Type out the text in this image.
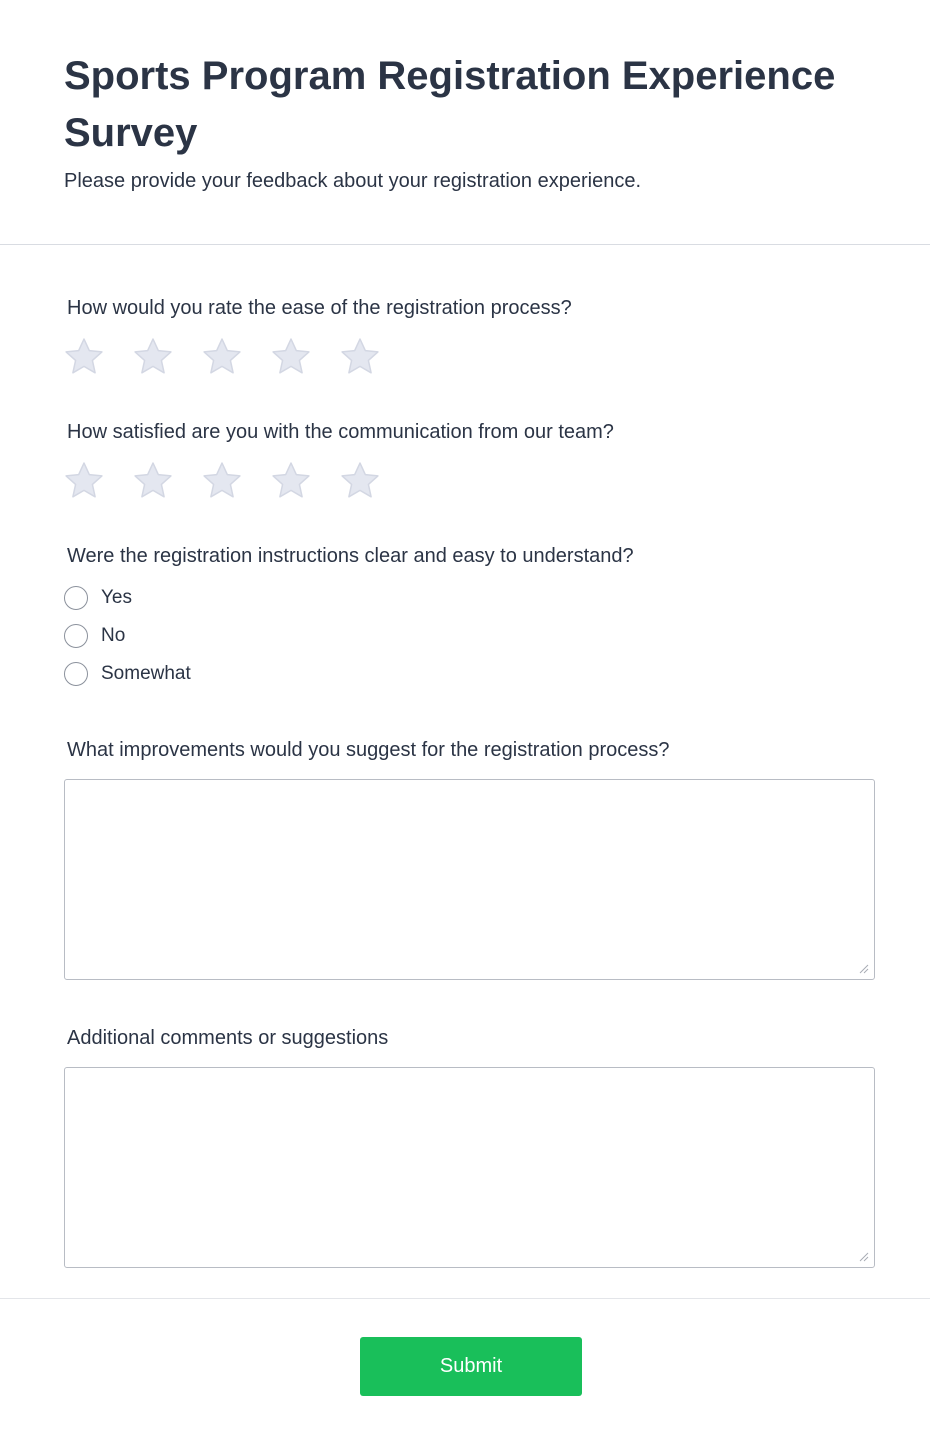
Sports Program Registration Experience Survey

Please provide your feedback about your registration experience.

How would you rate the ease of the registration process?
How satisfied are you with the communication from our team?
Were the registration instructions clear and easy to understand?
Yes
No
Somewhat
What improvements would you suggest for the registration process?
Additional comments or suggestions
Submit
